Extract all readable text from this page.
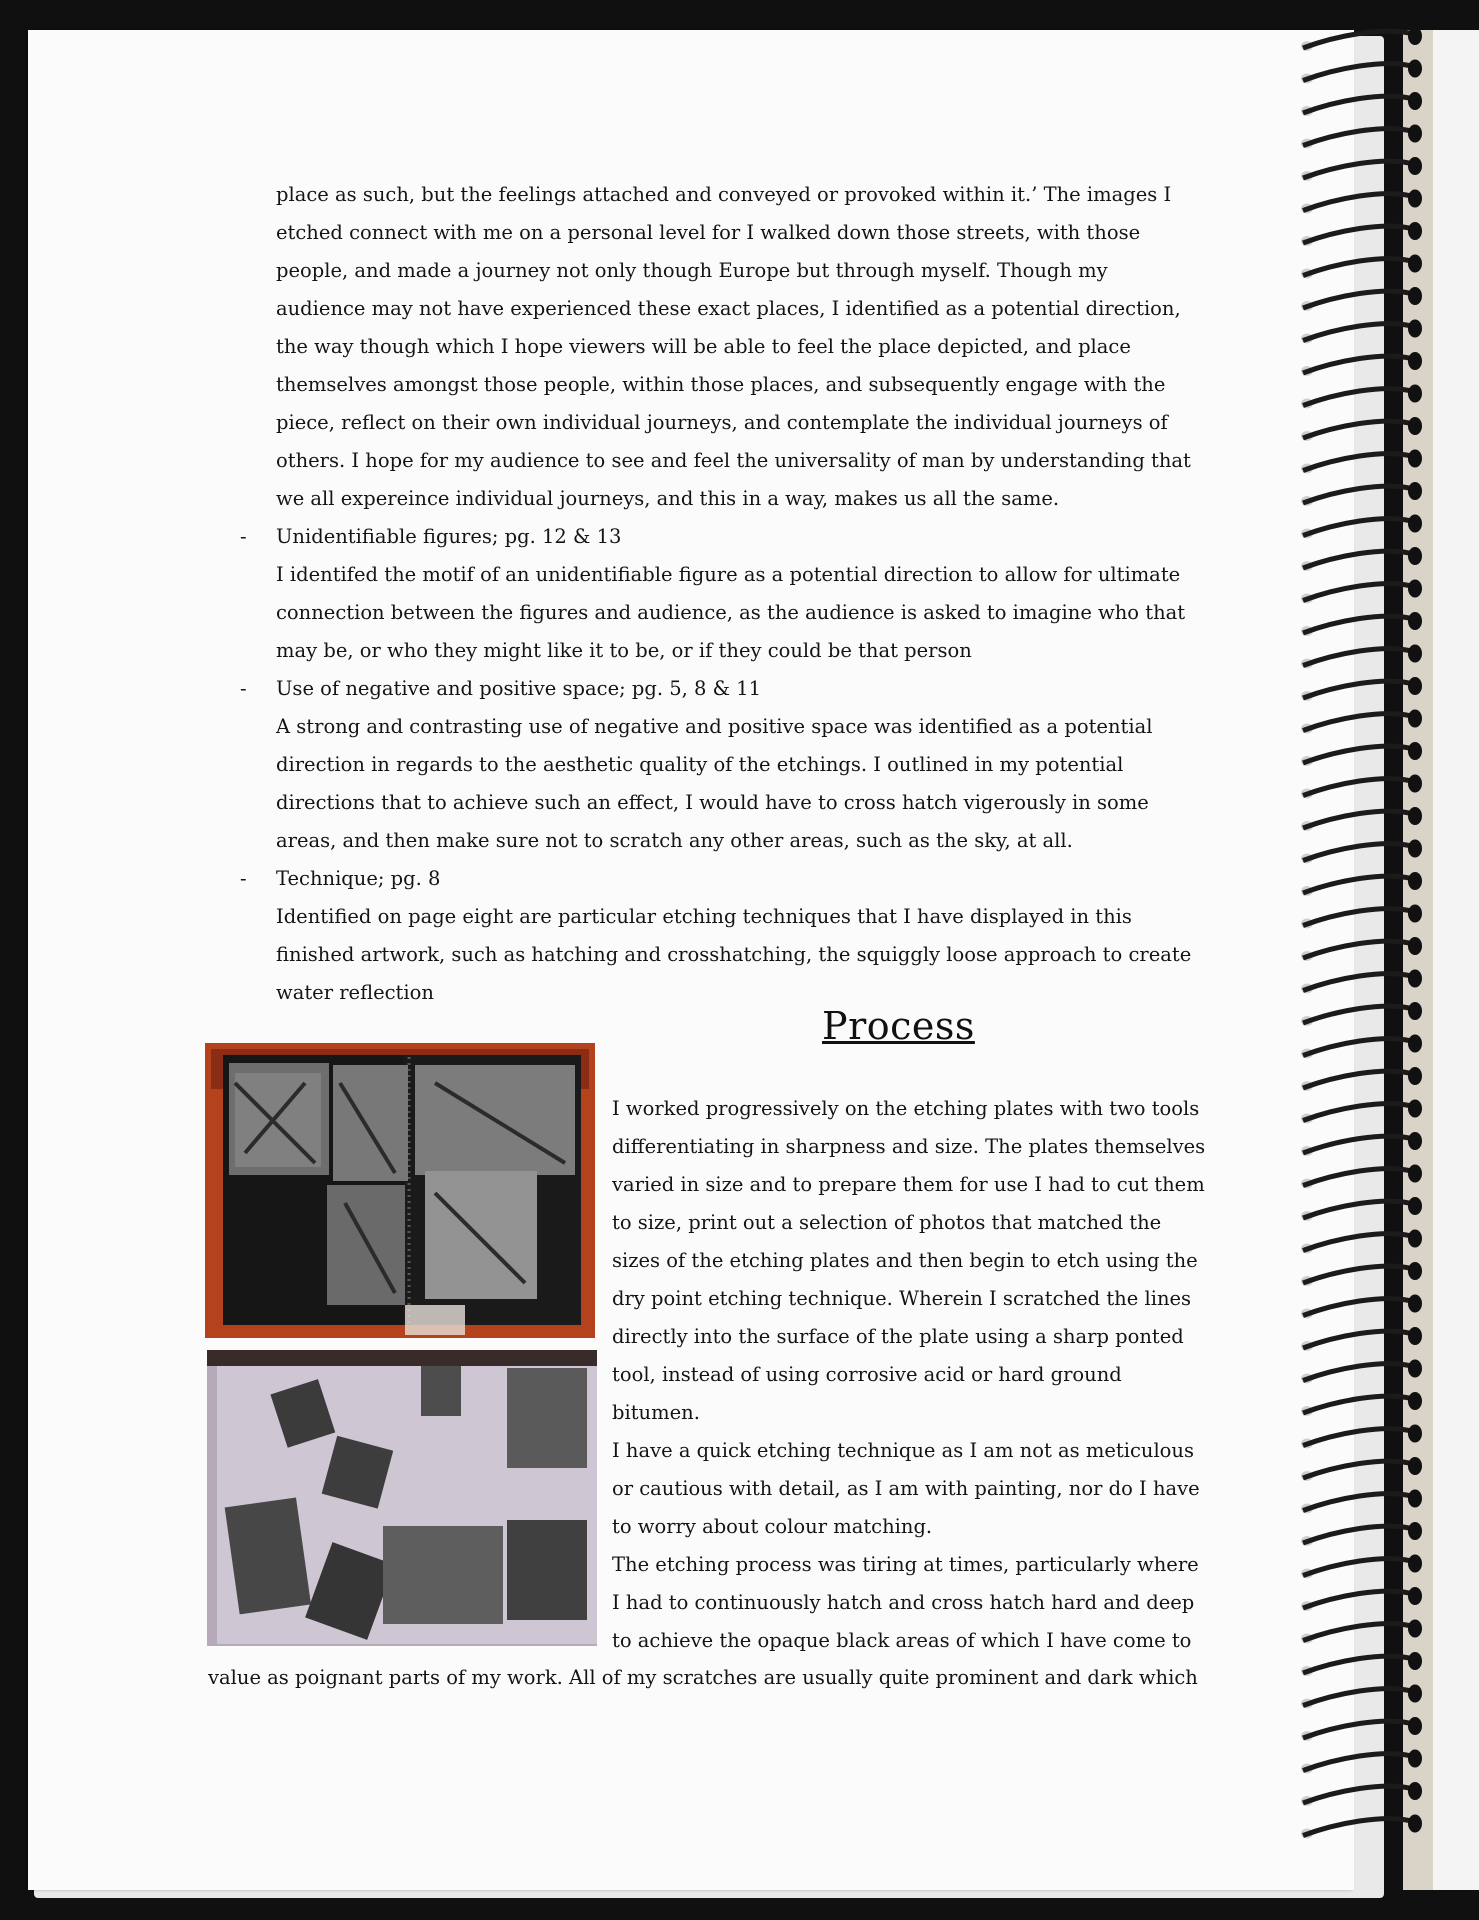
place as such, but the feelings attached and conveyed or provoked within it.’ The images I etched connect with me on a personal level for I walked down those streets, with those people, and made a journey not only though Europe but through myself. Though my audience may not have experienced these exact places, I identified as a potential direction, the way though which I hope viewers will be able to feel the place depicted, and place themselves amongst those people, within those places, and subsequently engage with the piece, reflect on their own individual journeys, and contemplate the individual journeys of others. I hope for my audience to see and feel the universality of man by understanding that we all expereince individual journeys, and this in a way, makes us all the same.

- Unidentifiable figures; pg. 12 & 13

I identifed the motif of an unidentifiable figure as a potential direction to allow for ultimate connection between the figures and audience, as the audience is asked to imagine who that may be, or who they might like it to be, or if they could be that person

- Use of negative and positive space; pg. 5, 8 & 11

A strong and contrasting use of negative and positive space was identified as a potential direction in regards to the aesthetic quality of the etchings. I outlined in my potential directions that to achieve such an effect, I would have to cross hatch vigerously in some areas, and then make sure not to scratch any other areas, such as the sky, at all.

- Technique; pg. 8

Identified on page eight are particular etching techniques that I have displayed in this finished artwork, such as hatching and crosshatching, the squiggly loose approach to create water reflection

Process

I worked progressively on the etching plates with two tools differentiating in sharpness and size. The plates themselves varied in size and to prepare them for use I had to cut them to size, print out a selection of photos that matched the sizes of the etching plates and then begin to etch using the dry point etching technique. Wherein I scratched the lines directly into the surface of the plate using a sharp ponted tool, instead of using corrosive acid or hard ground bitumen.

I have a quick etching technique as I am not as meticulous or cautious with detail, as I am with painting, nor do I have to worry about colour matching.

The etching process was tiring at times, particularly where I had to continuously hatch and cross hatch hard and deep to achieve the opaque black areas of which I have come to

value as poignant parts of my work. All of my scratches are usually quite prominent and dark which
